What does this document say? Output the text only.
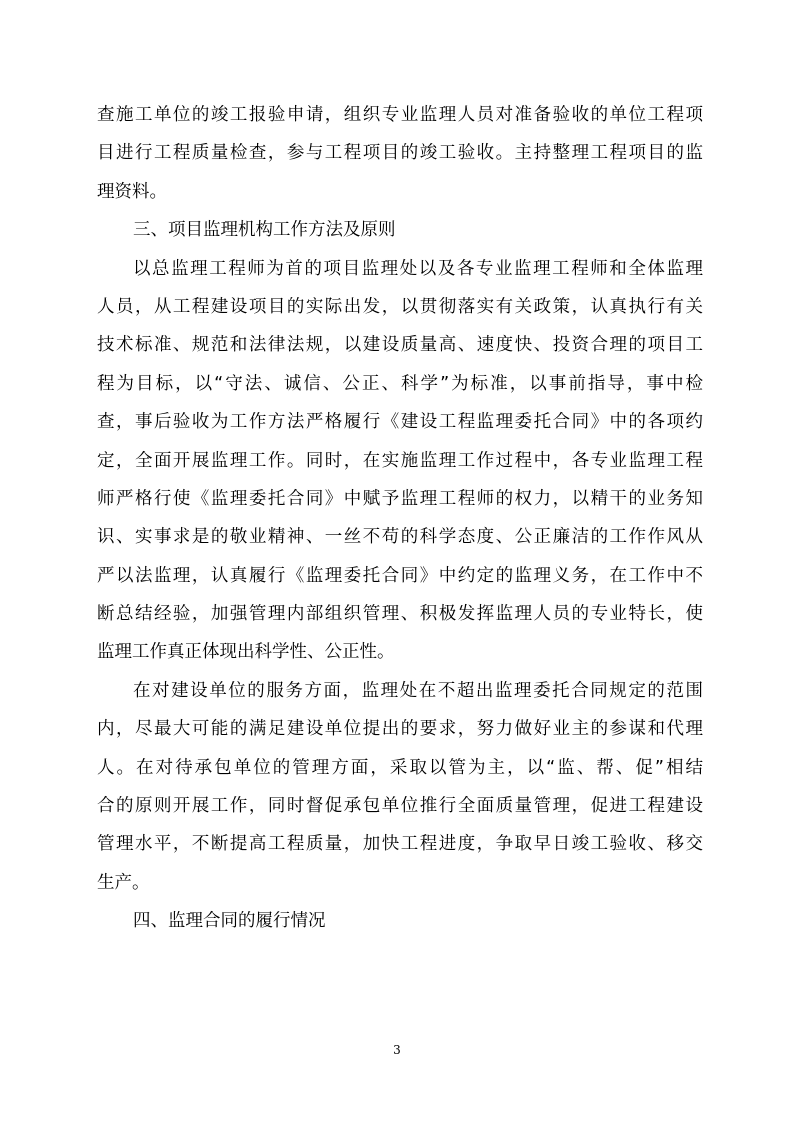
查施工单位的竣工报验申请，组织专业监理人员对准备验收的单位工程项
目进行工程质量检查，参与工程项目的竣工验收。主持整理工程项目的监
理资料。
三、项目监理机构工作方法及原则
以总监理工程师为首的项目监理处以及各专业监理工程师和全体监理
人员，从工程建设项目的实际出发，以贯彻落实有关政策，认真执行有关
技术标准、规范和法律法规，以建设质量高、速度快、投资合理的项目工
程为目标，以“守法、诚信、公正、科学”为标准，以事前指导，事中检
查，事后验收为工作方法严格履行《建设工程监理委托合同》中的各项约
定，全面开展监理工作。同时，在实施监理工作过程中，各专业监理工程
师严格行使《监理委托合同》中赋予监理工程师的权力，以精干的业务知
识、实事求是的敬业精神、一丝不苟的科学态度、公正廉洁的工作作风从
严以法监理，认真履行《监理委托合同》中约定的监理义务，在工作中不
断总结经验，加强管理内部组织管理、积极发挥监理人员的专业特长，使
监理工作真正体现出科学性、公正性。
在对建设单位的服务方面，监理处在不超出监理委托合同规定的范围
内，尽最大可能的满足建设单位提出的要求，努力做好业主的参谋和代理
人。在对待承包单位的管理方面，采取以管为主，以“监、帮、促”相结
合的原则开展工作，同时督促承包单位推行全面质量管理，促进工程建设
管理水平，不断提高工程质量，加快工程进度，争取早日竣工验收、移交
生产。
四、监理合同的履行情况
3
